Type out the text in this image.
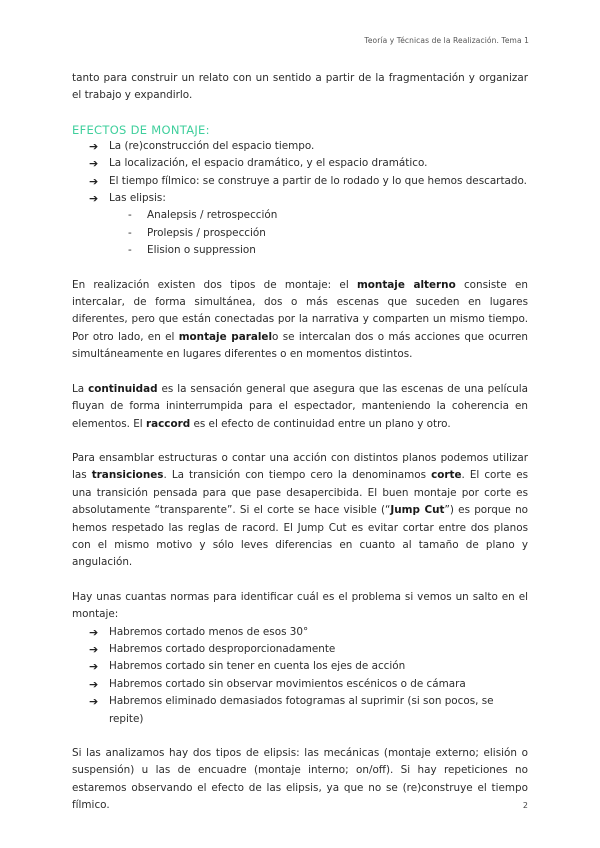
Teoría y Técnicas de la Realización. Tema 1

tanto para construir un relato con un sentido a partir de la fragmentación y organizar el trabajo y expandirlo.

EFECTOS DE MONTAJE:
➔ La (re)construcción del espacio tiempo.
➔ La localización, el espacio dramático, y el espacio dramático.
➔ El tiempo fílmico: se construye a partir de lo rodado y lo que hemos descartado.
➔ Las elipsis:
- Analepsis / retrospección
- Prolepsis / prospección
- Elision o suppression

En realización existen dos tipos de montaje: el montaje alterno consiste en intercalar, de forma simultánea, dos o más escenas que suceden en lugares diferentes, pero que están conectadas por la narrativa y comparten un mismo tiempo. Por otro lado, en el montaje paralelo se intercalan dos o más acciones que ocurren simultáneamente en lugares diferentes o en momentos distintos.

La continuidad es la sensación general que asegura que las escenas de una película fluyan de forma ininterrumpida para el espectador, manteniendo la coherencia en elementos. El raccord es el efecto de continuidad entre un plano y otro.

Para ensamblar estructuras o contar una acción con distintos planos podemos utilizar las transiciones. La transición con tiempo cero la denominamos corte. El corte es una transición pensada para que pase desapercibida. El buen montaje por corte es absolutamente “transparente”. Si el corte se hace visible (“Jump Cut”) es porque no hemos respetado las reglas de racord. El Jump Cut es evitar cortar entre dos planos con el mismo motivo y sólo leves diferencias en cuanto al tamaño de plano y angulación.

Hay unas cuantas normas para identificar cuál es el problema si vemos un salto en el montaje:

➔ Habremos cortado menos de esos 30°
➔ Habremos cortado desproporcionadamente
➔ Habremos cortado sin tener en cuenta los ejes de acción
➔ Habremos cortado sin observar movimientos escénicos o de cámara
➔ Habremos eliminado demasiados fotogramas al suprimir (si son pocos, se repite)

Si las analizamos hay dos tipos de elipsis: las mecánicas (montaje externo; elisión o suspensión) u las de encuadre (montaje interno; on/off). Si hay repeticiones no estaremos observando el efecto de las elipsis, ya que no se (re)construye el tiempo fílmico.	2
